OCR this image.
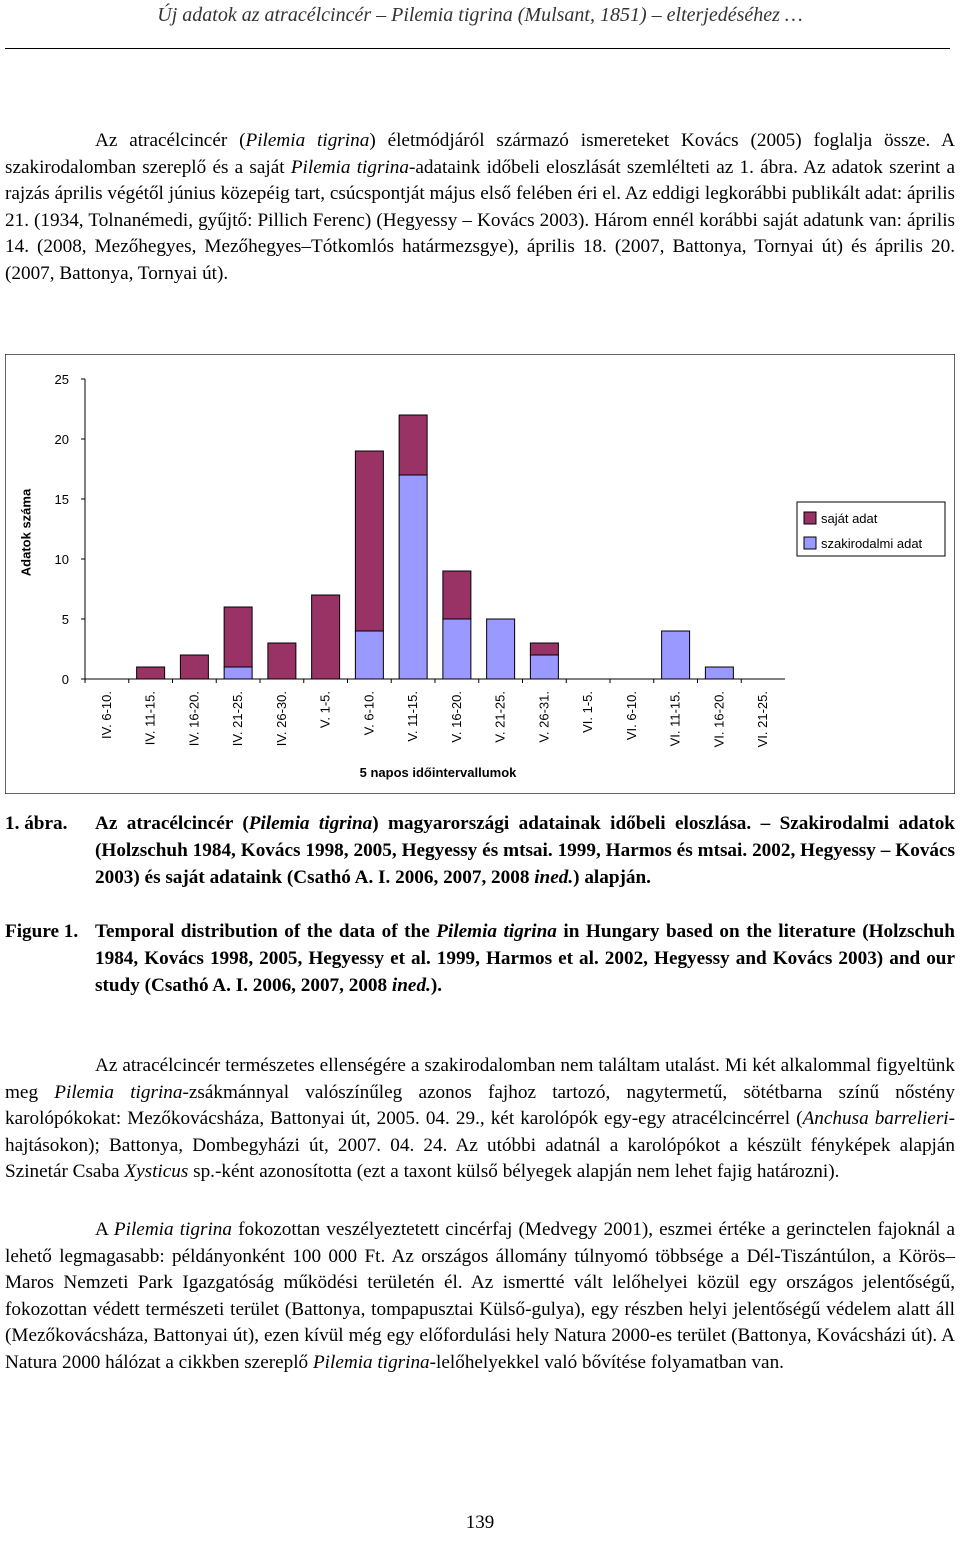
Új adatok az atracélcincér – Pilemia tigrina (Mulsant, 1851) – elterjedéséhez …

Az atracélcincér (Pilemia tigrina) életmódjáról származó ismereteket Kovács (2005) foglalja össze. A szakirodalomban szereplő és a saját Pilemia tigrina-adataink időbeli eloszlását szemlélteti az 1. ábra. Az adatok szerint a rajzás április végétől június közepéig tart, csúcspontját május első felében éri el. Az eddigi legkorábbi publikált adat: április 21. (1934, Tolnanémedi, gyűjtő: Pillich Ferenc) (Hegyessy – Kovács 2003). Három ennél korábbi saját adatunk van: április 14. (2008, Mezőhegyes, Mezőhegyes–Tótkomlós határmezsgye), április 18. (2007, Battonya, Tornyai út) és április 20. (2007, Battonya, Tornyai út).

0
5
10
15
20
25
IV. 6-10. IV. 11-15. IV. 16-20. IV. 21-25. IV. 26-30. V. 1-5. V. 6-10. V. 11-15. V. 16-20. V. 21-25. V. 26-31. VI. 1-5. VI. 6-10. VI. 11-15. VI. 16-20. VI. 21-25.
5 napos időintervallumok
saját adat
szakirodalmi adat
Adatok száma
1. ábra. Az atracélcincér (Pilemia tigrina) magyarországi adatainak időbeli eloszlása. – Szakirodalmi adatok (Holzschuh 1984, Kovács 1998, 2005, Hegyessy és mtsai. 1999, Harmos és mtsai. 2002, Hegyessy – Kovács 2003) és saját adataink (Csathó A. I. 2006, 2007, 2008 ined.) alapján.
Figure 1. Temporal distribution of the data of the Pilemia tigrina in Hungary based on the literature (Holzschuh 1984, Kovács 1998, 2005, Hegyessy et al. 1999, Harmos et al. 2002, Hegyessy and Kovács 2003) and our study (Csathó A. I. 2006, 2007, 2008 ined.).

Az atracélcincér természetes ellenségére a szakirodalomban nem találtam utalást. Mi két alkalommal figyeltünk meg Pilemia tigrina-zsákmánnyal valószínűleg azonos fajhoz tartozó, nagytermetű, sötétbarna színű nőstény karolópókokat: Mezőkovácsháza, Battonyai út, 2005. 04. 29., két karolópók egy-egy atracélcincérrel (Anchusa barrelieri-hajtásokon); Battonya, Dombegyházi út, 2007. 04. 24. Az utóbbi adatnál a karolópókot a készült fényképek alapján Szinetár Csaba Xysticus sp.-ként azonosította (ezt a taxont külső bélyegek alapján nem lehet fajig határozni).

A Pilemia tigrina fokozottan veszélyeztetett cincérfaj (Medvegy 2001), eszmei értéke a gerinctelen fajoknál a lehető legmagasabb: példányonként 100 000 Ft. Az országos állomány túlnyomó többsége a Dél-Tiszántúlon, a Körös–Maros Nemzeti Park Igazgatóság működési területén él. Az ismertté vált lelőhelyei közül egy országos jelentőségű, fokozottan védett természeti terület (Battonya, tompapusztai Külső-gulya), egy részben helyi jelentőségű védelem alatt áll (Mezőkovácsháza, Battonyai út), ezen kívül még egy előfordulási hely Natura 2000-es terület (Battonya, Kovácsházi út). A Natura 2000 hálózat a cikkben szereplő Pilemia tigrina-lelőhelyekkel való bővítése folyamatban van.

139
